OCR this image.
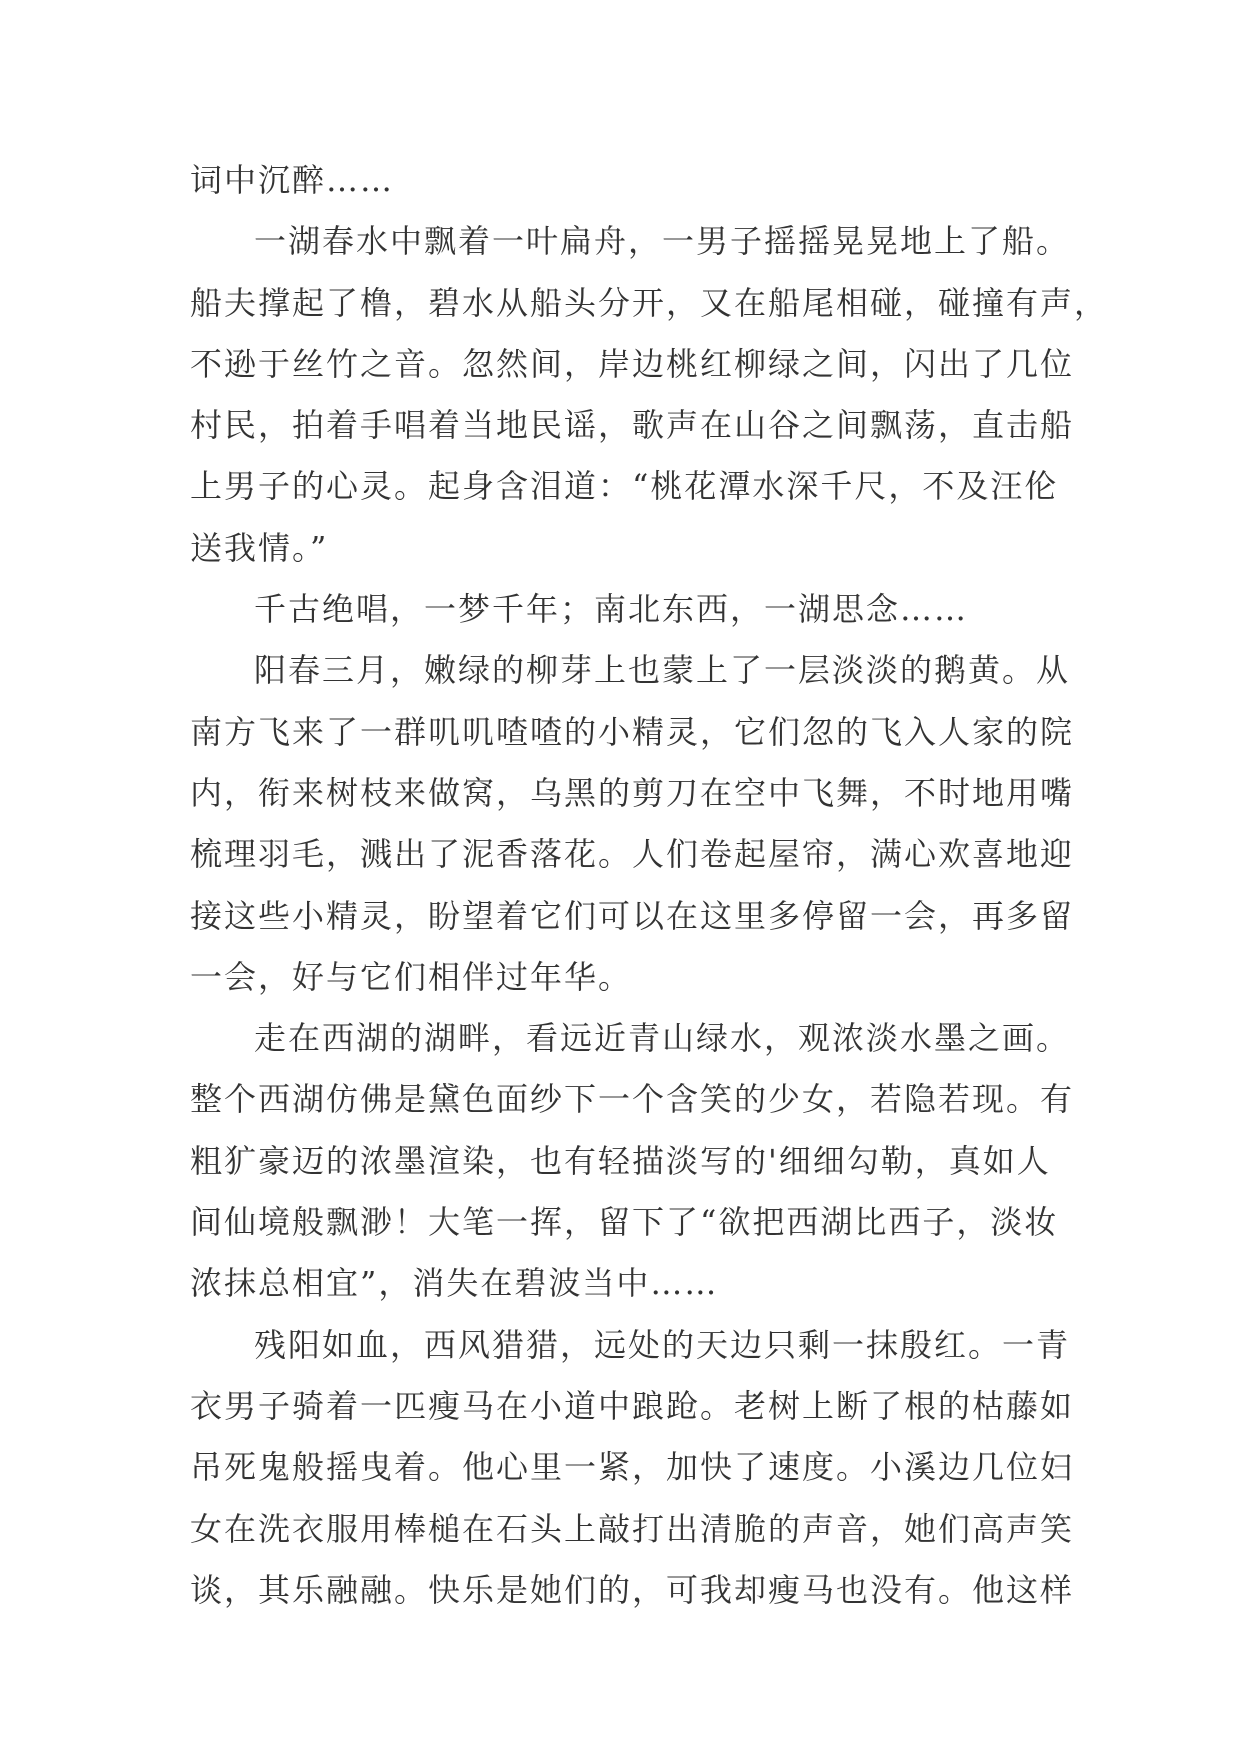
词中沉醉……
一湖春水中飘着一叶扁舟，一男子摇摇晃晃地上了船。
船夫撑起了橹，碧水从船头分开，又在船尾相碰，碰撞有声，
不逊于丝竹之音。忽然间，岸边桃红柳绿之间，闪出了几位
村民，拍着手唱着当地民谣，歌声在山谷之间飘荡，直击船
上男子的心灵。起身含泪道：“桃花潭水深千尺，不及汪伦
送我情。”
千古绝唱，一梦千年；南北东西，一湖思念……
阳春三月，嫩绿的柳芽上也蒙上了一层淡淡的鹅黄。从
南方飞来了一群叽叽喳喳的小精灵，它们忽的飞入人家的院
内，衔来树枝来做窝，乌黑的剪刀在空中飞舞，不时地用嘴
梳理羽毛，溅出了泥香落花。人们卷起屋帘，满心欢喜地迎
接这些小精灵，盼望着它们可以在这里多停留一会，再多留
一会，好与它们相伴过年华。
走在西湖的湖畔，看远近青山绿水，观浓淡水墨之画。
整个西湖仿佛是黛色面纱下一个含笑的少女，若隐若现。有
粗犷豪迈的浓墨渲染，也有轻描淡写的'细细勾勒，真如人
间仙境般飘渺！大笔一挥，留下了“欲把西湖比西子，淡妆
浓抹总相宜”，消失在碧波当中……
残阳如血，西风猎猎，远处的天边只剩一抹殷红。一青
衣男子骑着一匹瘦马在小道中踉跄。老树上断了根的枯藤如
吊死鬼般摇曳着。他心里一紧，加快了速度。小溪边几位妇
女在洗衣服用棒槌在石头上敲打出清脆的声音，她们高声笑
谈，其乐融融。快乐是她们的，可我却瘦马也没有。他这样
